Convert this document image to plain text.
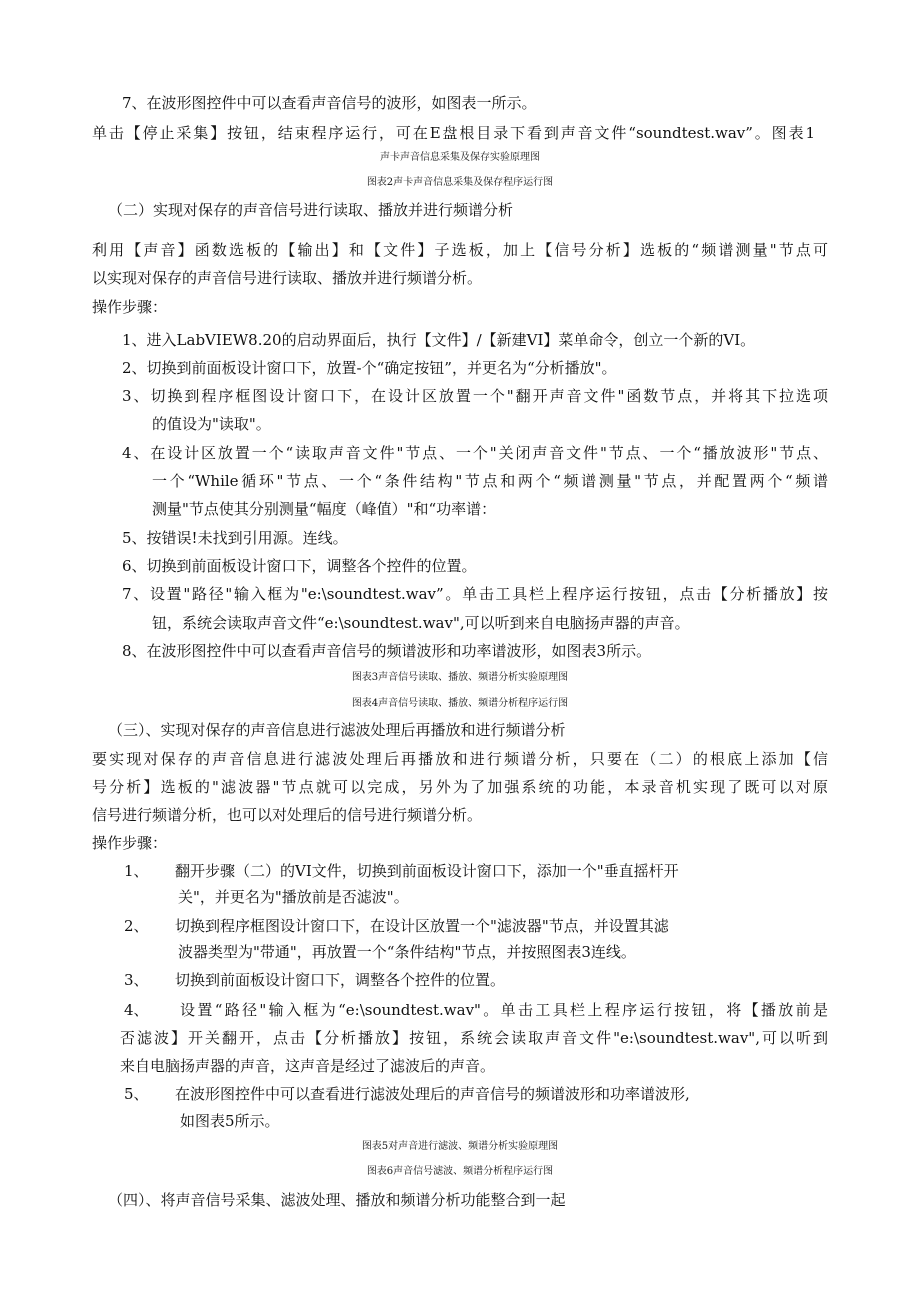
7、在波形图控件中可以查看声音信号的波形，如图表一所示。
单击【停止采集】按钮，结束程序运行，可在E盘根目录下看到声音文件“soundtest.wav”。图表1
声卡声音信息采集及保存实验原理图
图表2声卡声音信息采集及保存程序运行图
（二）实现对保存的声音信号进行读取、播放并进行频谱分析
利用【声音】函数选板的【输出】和【文件】子选板，加上【信号分析】选板的“频谱测量"节点可
以实现对保存的声音信号进行读取、播放并进行频谱分析。
操作步骤：
1、进入LabVIEW8.20的启动界面后，执行【文件】/【新建VI】菜单命令，创立一个新的VI。
2、切换到前面板设计窗口下，放置-个“确定按钮”，并更名为“分析播放"。
3、切换到程序框图设计窗口下，在设计区放置一个"翻开声音文件"函数节点，并将其下拉选项
的值设为"读取"。
4、在设计区放置一个“读取声音文件"节点、一个"关闭声音文件"节点、一个“播放波形"节点、
一个“While循环"节点、一个“条件结构"节点和两个“频谱测量"节点，并配置两个“频谱
测量"节点使其分别测量“幅度（峰值）"和“功率谱：
5、按错误!未找到引用源。连线。
6、切换到前面板设计窗口下，调整各个控件的位置。
7、设置"路径"输入框为"e:\soundtest.wav”。单击工具栏上程序运行按钮，点击【分析播放】按
钮，系统会读取声音文件“e:\soundtest.wav",可以听到来自电脑扬声器的声音。
8、在波形图控件中可以查看声音信号的频谱波形和功率谱波形，如图表3所示。
图表3声音信号读取、播放、频谱分析实验原理图
图表4声音信号读取、播放、频谱分析程序运行图
（三）、实现对保存的声音信息进行滤波处理后再播放和进行频谱分析
要实现对保存的声音信息进行滤波处理后再播放和进行频谱分析，只要在（二）的根底上添加【信
号分析】选板的"滤波器"节点就可以完成，另外为了加强系统的功能，本录音机实现了既可以对原
信号进行频谱分析，也可以对处理后的信号进行频谱分析。
操作步骤：
1、 翻开步骤（二）的VI文件，切换到前面板设计窗口下，添加一个"垂直摇杆开
关"，并更名为"播放前是否滤波"。
2、 切换到程序框图设计窗口下，在设计区放置一个"滤波器"节点，并设置其滤
波器类型为"带通"，再放置一个“条件结构"节点，并按照图表3连线。
3、 切换到前面板设计窗口下，调整各个控件的位置。
4、 设置“路径"输入框为“e:\soundtest.wav"。单击工具栏上程序运行按钮，将【播放前是
否滤波】开关翻开，点击【分析播放】按钮，系统会读取声音文件"e:\soundtest.wav",可以听到
来自电脑扬声器的声音，这声音是经过了滤波后的声音。
5、 在波形图控件中可以查看进行滤波处理后的声音信号的频谱波形和功率谱波形,
如图表5所示。
图表5对声音进行滤波、频谱分析实验原理图
图表6声音信号滤波、频谱分析程序运行图
（四）、将声音信号采集、滤波处理、播放和频谱分析功能整合到一起
